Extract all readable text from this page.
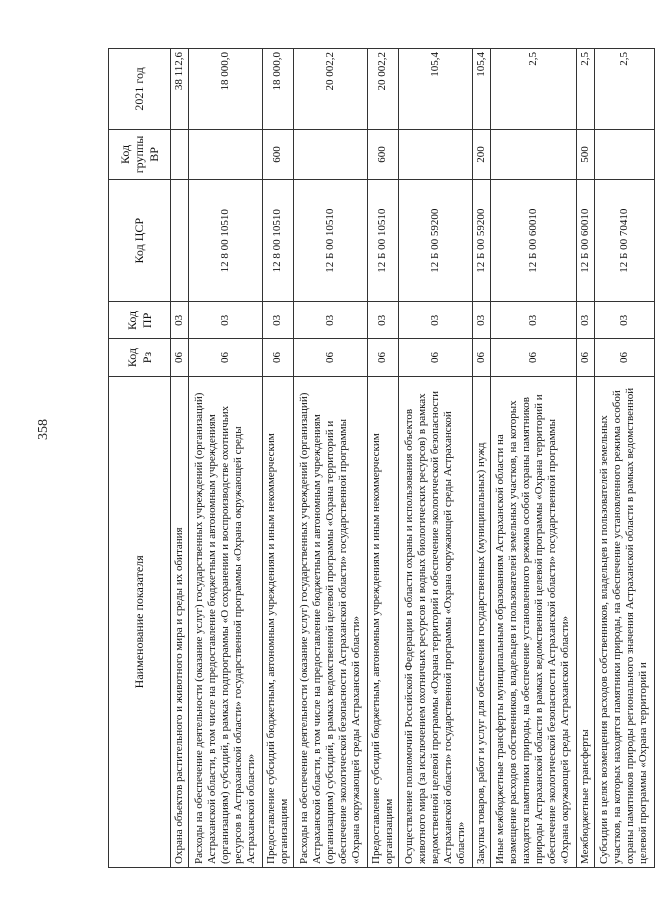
358
Наименование показателя	Код Рз	Код ПР	Код ЦСР	Код группы ВР	2021 год
Охрана объектов растительного и животного мира и среды их обитания	06	03			38 112,6
Расходы на обеспечение деятельности (оказание услуг) государственных учреждений (организаций) Астраханской области, в том числе на предоставление бюджетным и автономным учреждениям (организациям) субсидий, в рамках подпрограммы «О сохранении и воспроизводстве охотничьих ресурсов в Астраханской области» государственной программы «Охрана окружающей среды Астраханской области»	06	03	12 8 00 10510		18 000,0
Предоставление субсидий бюджетным, автономным учреждениям и иным некоммерческим организациям	06	03	12 8 00 10510	600	18 000,0
Расходы на обеспечение деятельности (оказание услуг) государственных учреждений (организаций) Астраханской области, в том числе на предоставление бюджетным и автономным учреждениям (организациям) субсидий, в рамках ведомственной целевой программы «Охрана территорий и обеспечение экологической безопасности Астраханской области» государственной программы «Охрана окружающей среды Астраханской области»	06	03	12 Б 00 10510		20 002,2
Предоставление субсидий бюджетным, автономным учреждениям и иным некоммерческим организациям	06	03	12 Б 00 10510	600	20 002,2
Осуществление полномочий Российской Федерации в области охраны и использования объектов животного мира (за исключением охотничьих ресурсов и водных биологических ресурсов) в рамках ведомственной целевой программы «Охрана территорий и обеспечение экологической безопасности Астраханской области» государственной программы «Охрана окружающей среды Астраханской области»	06	03	12 Б 00 59200		105,4
Закупка товаров, работ и услуг для обеспечения государственных (муниципальных) нужд	06	03	12 Б 00 59200	200	105,4
Иные межбюджетные трансферты муниципальным образованиям Астраханской области на возмещение расходов собственников, владельцев и пользователей земельных участков, на которых находятся памятники природы, на обеспечение установленного режима особой охраны памятников природы Астраханской области в рамках ведомственной целевой программы «Охрана территорий и обеспечение экологической безопасности Астраханской области» государственной программы «Охрана окружающей среды Астраханской области»	06	03	12 Б 00 60010		2,5
Межбюджетные трансферты	06	03	12 Б 00 60010	500	2,5
Субсидии в целях возмещения расходов собственников, владельцев и пользователей земельных участков, на которых находятся памятники природы, на обеспечение установленного режима особой охраны памятников природы регионального значения Астраханской области в рамках ведомственной целевой программы «Охрана территорий и	06	03	12 Б 00 70410		2,5
